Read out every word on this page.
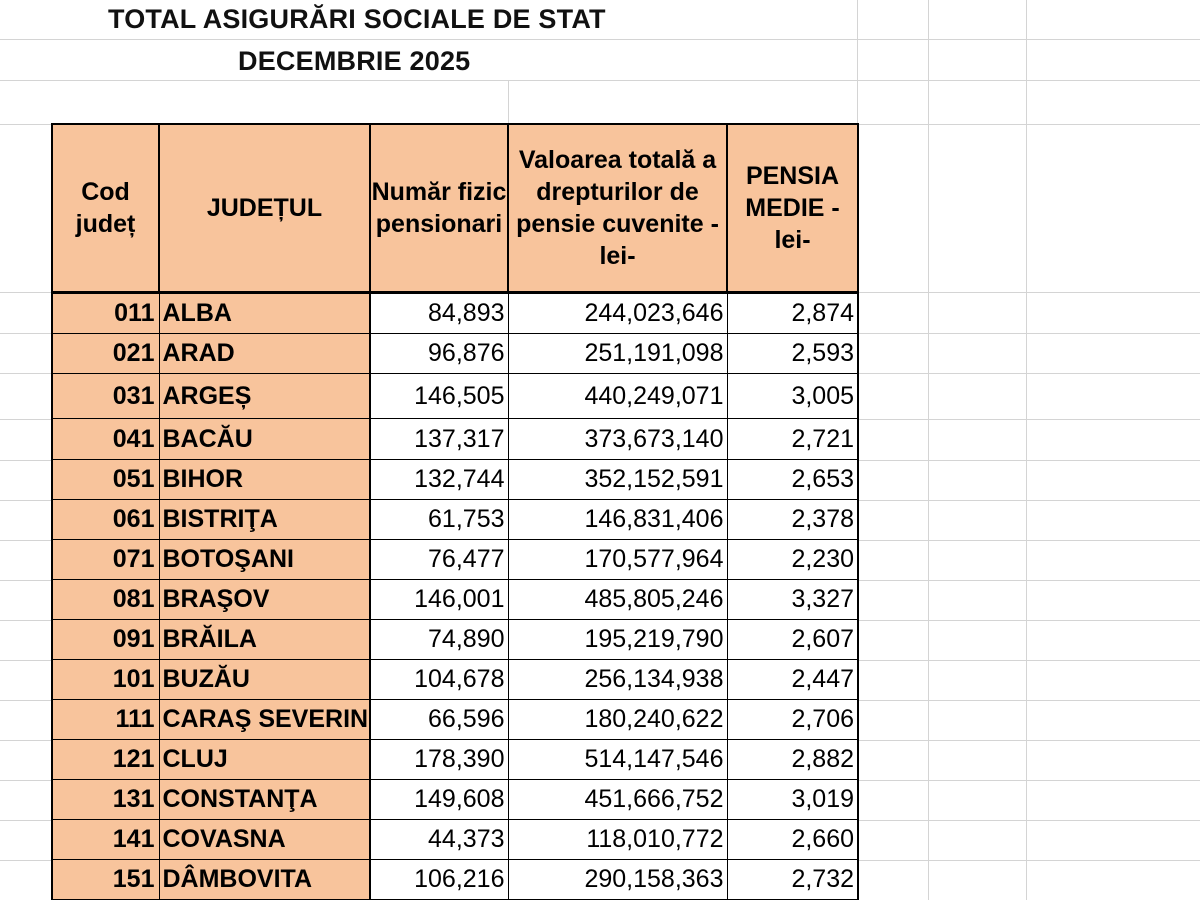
TOTAL ASIGURĂRI SOCIALE DE STAT
DECEMBRIE 2025
Cod județ	JUDEȚUL	Număr fizic pensionari	Valoarea totală a drepturilor de pensie cuvenite -lei-	PENSIA MEDIE -lei-
011	ALBA	84,893	244,023,646	2,874
021	ARAD	96,876	251,191,098	2,593
031	ARGEȘ	146,505	440,249,071	3,005
041	BACĂU	137,317	373,673,140	2,721
051	BIHOR	132,744	352,152,591	2,653
061	BISTRIŢA	61,753	146,831,406	2,378
071	BOTOŞANI	76,477	170,577,964	2,230
081	BRAŞOV	146,001	485,805,246	3,327
091	BRĂILA	74,890	195,219,790	2,607
101	BUZĂU	104,678	256,134,938	2,447
111	CARAŞ SEVERIN	66,596	180,240,622	2,706
121	CLUJ	178,390	514,147,546	2,882
131	CONSTANŢA	149,608	451,666,752	3,019
141	COVASNA	44,373	118,010,772	2,660
151	DÂMBOVITA	106,216	290,158,363	2,732
